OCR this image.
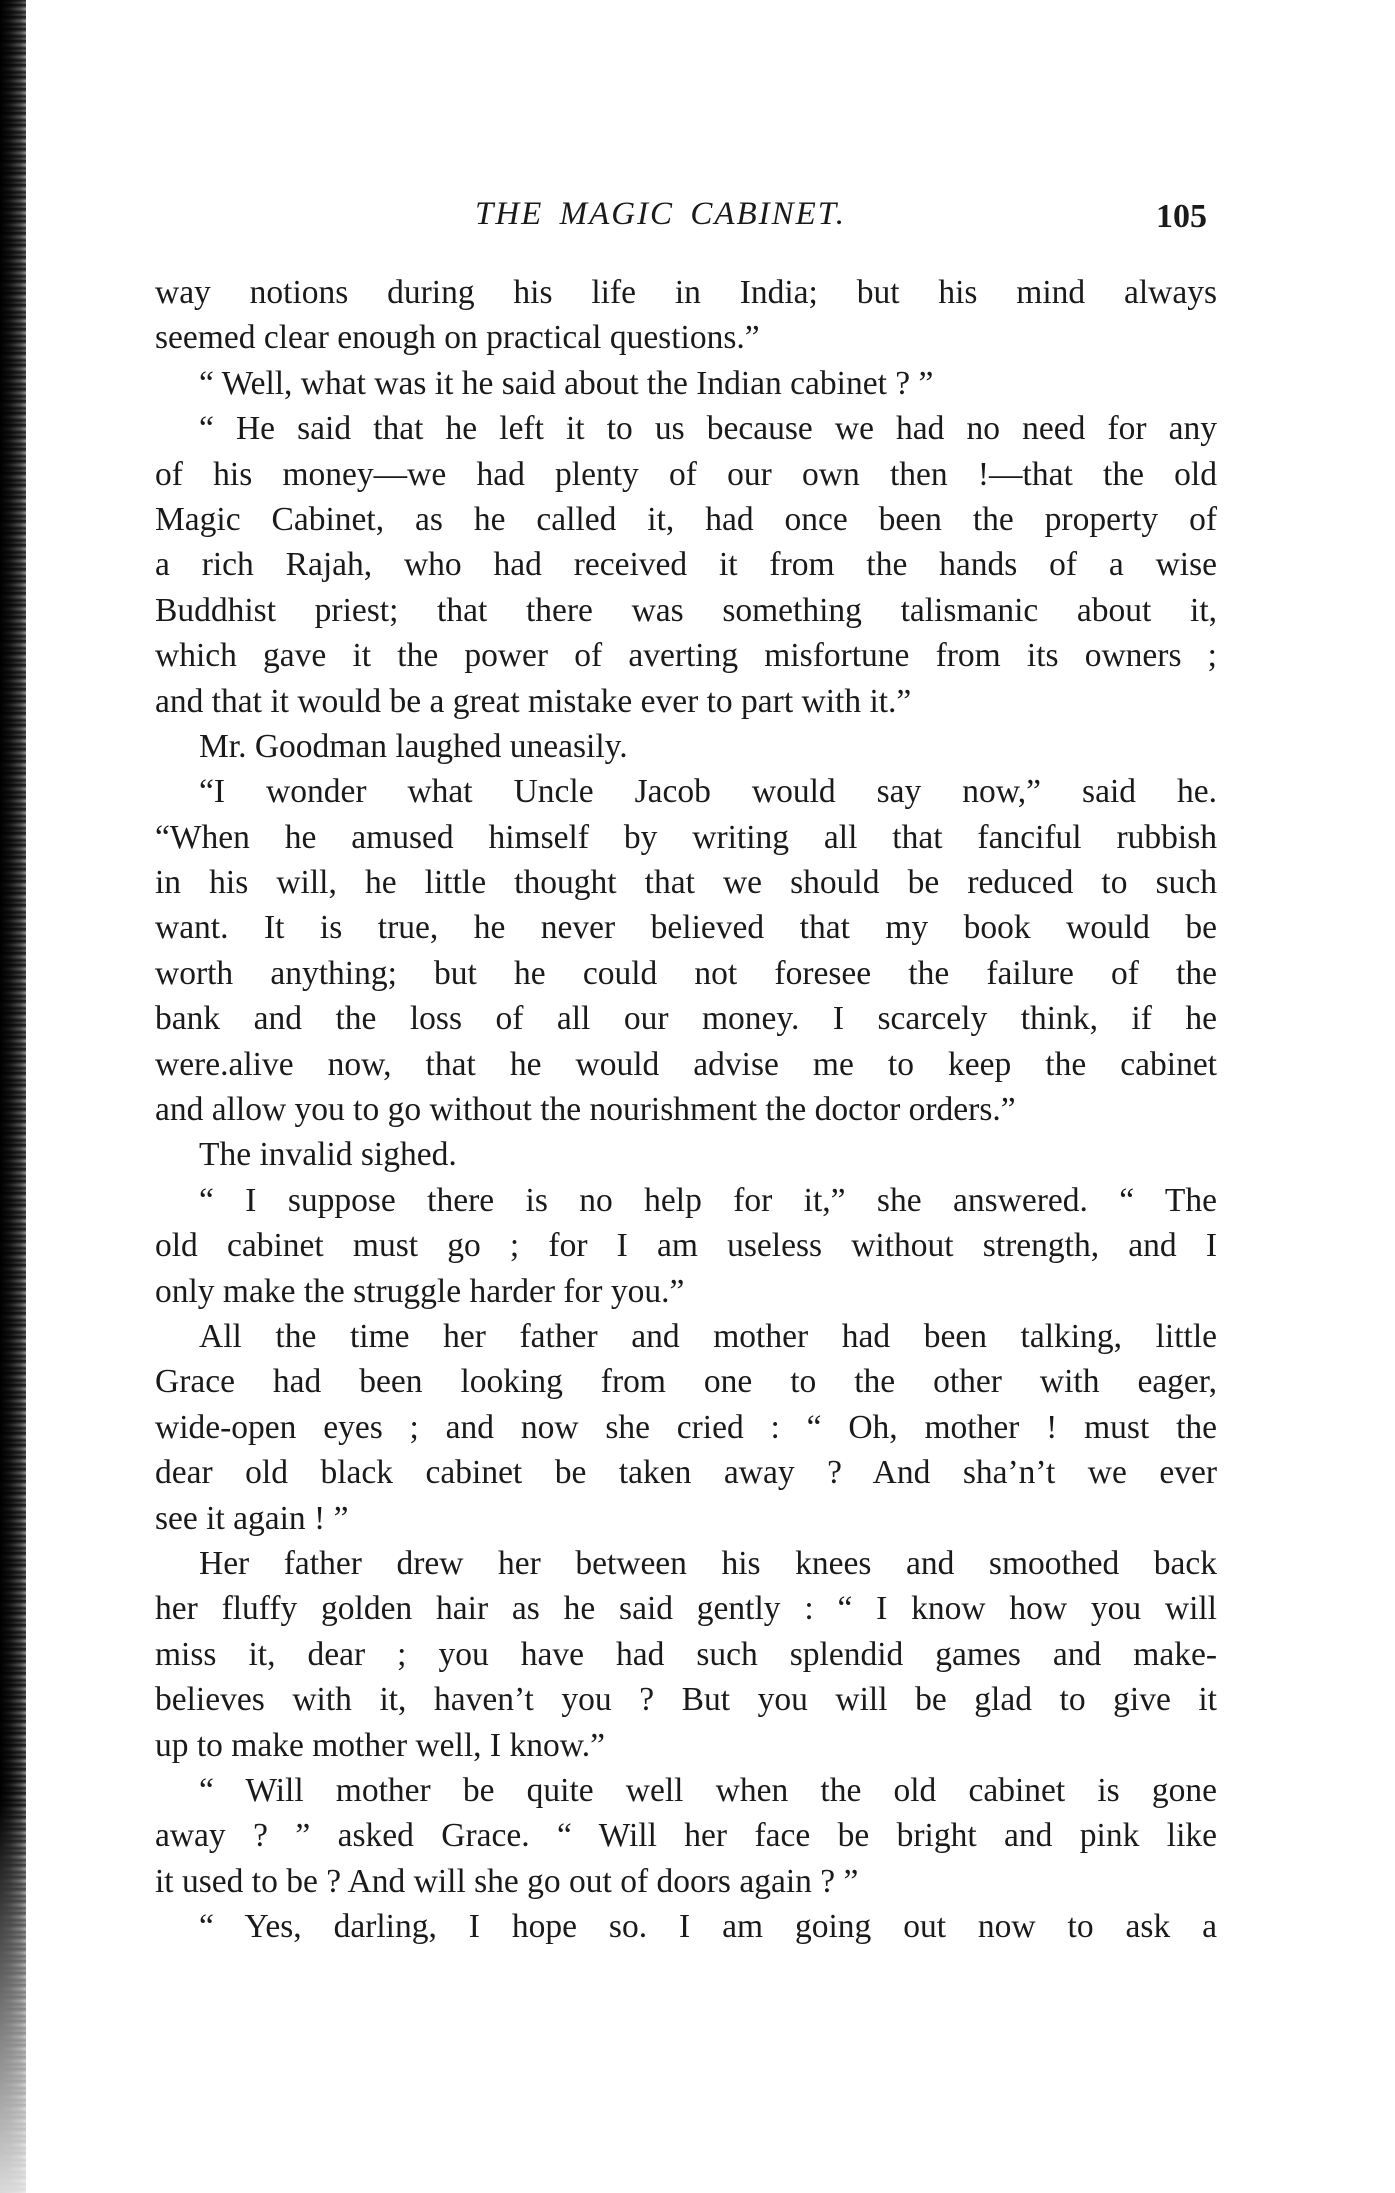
THE MAGIC CABINET.	105
way notions during his life in India; but his mind always
seemed clear enough on practical questions.”
“ Well, what was it he said about the Indian cabinet ? ”
“ He said that he left it to us because we had no need for any
of his money—we had plenty of our own then !—that the old
Magic Cabinet, as he called it, had once been the property of
a rich Rajah, who had received it from the hands of a wise
Buddhist priest; that there was something talismanic about it,
which gave it the power of averting misfortune from its owners ;
and that it would be a great mistake ever to part with it.”
Mr. Goodman laughed uneasily.
“I wonder what Uncle Jacob would say now,” said he.
“When he amused himself by writing all that fanciful rubbish
in his will, he little thought that we should be reduced to such
want. It is true, he never believed that my book would be
worth anything; but he could not foresee the failure of the
bank and the loss of all our money. I scarcely think, if he
were.alive now, that he would advise me to keep the cabinet
and allow you to go without the nourishment the doctor orders.”
The invalid sighed.
“ I suppose there is no help for it,” she answered. “ The
old cabinet must go ; for I am useless without strength, and I
only make the struggle harder for you.”
All the time her father and mother had been talking, little
Grace had been looking from one to the other with eager,
wide-open eyes ; and now she cried : “ Oh, mother ! must the
dear old black cabinet be taken away ? And sha’n’t we ever
see it again ! ”
Her father drew her between his knees and smoothed back
her fluffy golden hair as he said gently : “ I know how you will
miss it, dear ; you have had such splendid games and make-
believes with it, haven’t you ? But you will be glad to give it
up to make mother well, I know.”
“ Will mother be quite well when the old cabinet is gone
away ? ” asked Grace. “ Will her face be bright and pink like
it used to be ? And will she go out of doors again ? ”
“ Yes, darling, I hope so. I am going out now to ask a
